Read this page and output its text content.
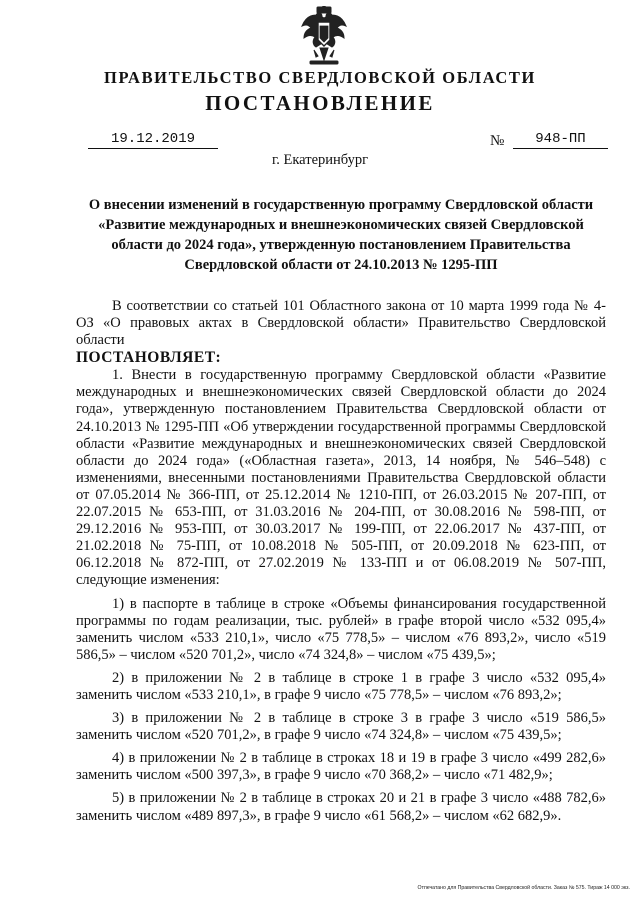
ПРАВИТЕЛЬСТВО СВЕРДЛОВСКОЙ ОБЛАСТИ
ПОСТАНОВЛЕНИЕ
19.12.2019	№	948-ПП
г. Екатеринбург
О внесении изменений в государственную программу Свердловской области «Развитие международных и внешнеэкономических связей Свердловской области до 2024 года», утвержденную постановлением Правительства Свердловской области от 24.10.2013 № 1295-ПП

В соответствии со статьей 101 Областного закона от 10 марта 1999 года № 4-ОЗ «О правовых актах в Свердловской области» Правительство Свердловской области

ПОСТАНОВЛЯЕТ:

1. Внести в государственную программу Свердловской области «Развитие международных и внешнеэкономических связей Свердловской области до 2024 года», утвержденную постановлением Правительства Свердловской области от 24.10.2013 № 1295-ПП «Об утверждении государственной программы Свердловской области «Развитие международных и внешнеэкономических связей Свердловской области до 2024 года» («Областная газета», 2013, 14 ноября, № 546–548) с изменениями, внесенными постановлениями Правительства Свердловской области от 07.05.2014 № 366-ПП, от 25.12.2014 № 1210-ПП, от 26.03.2015 № 207-ПП, от 22.07.2015 № 653-ПП, от 31.03.2016 № 204-ПП, от 30.08.2016 № 598-ПП, от 29.12.2016 № 953-ПП, от 30.03.2017 № 199-ПП, от 22.06.2017 № 437-ПП, от 21.02.2018 № 75-ПП, от 10.08.2018 № 505-ПП, от 20.09.2018 № 623-ПП, от 06.12.2018 № 872-ПП, от 27.02.2019 № 133-ПП и от 06.08.2019 № 507-ПП, следующие изменения:

1) в паспорте в таблице в строке «Объемы финансирования государственной программы по годам реализации, тыс. рублей» в графе второй число «532 095,4» заменить числом «533 210,1», число «75 778,5» – числом «76 893,2», число «519 586,5» – числом «520 701,2», число «74 324,8» – числом «75 439,5»;

2) в приложении № 2 в таблице в строке 1 в графе 3 число «532 095,4» заменить числом «533 210,1», в графе 9 число «75 778,5» – числом «76 893,2»;

3) в приложении № 2 в таблице в строке 3 в графе 3 число «519 586,5» заменить числом «520 701,2», в графе 9 число «74 324,8» – числом «75 439,5»;

4) в приложении № 2 в таблице в строках 18 и 19 в графе 3 число «499 282,6» заменить числом «500 397,3», в графе 9 число «70 368,2» – число «71 482,9»;

5) в приложении № 2 в таблице в строках 20 и 21 в графе 3 число «488 782,6» заменить числом «489 897,3», в графе 9 число «61 568,2» – числом «62 682,9».

Отпечатано для Правительства Свердловской области. Заказ № 575. Тираж 14 000 экз.
